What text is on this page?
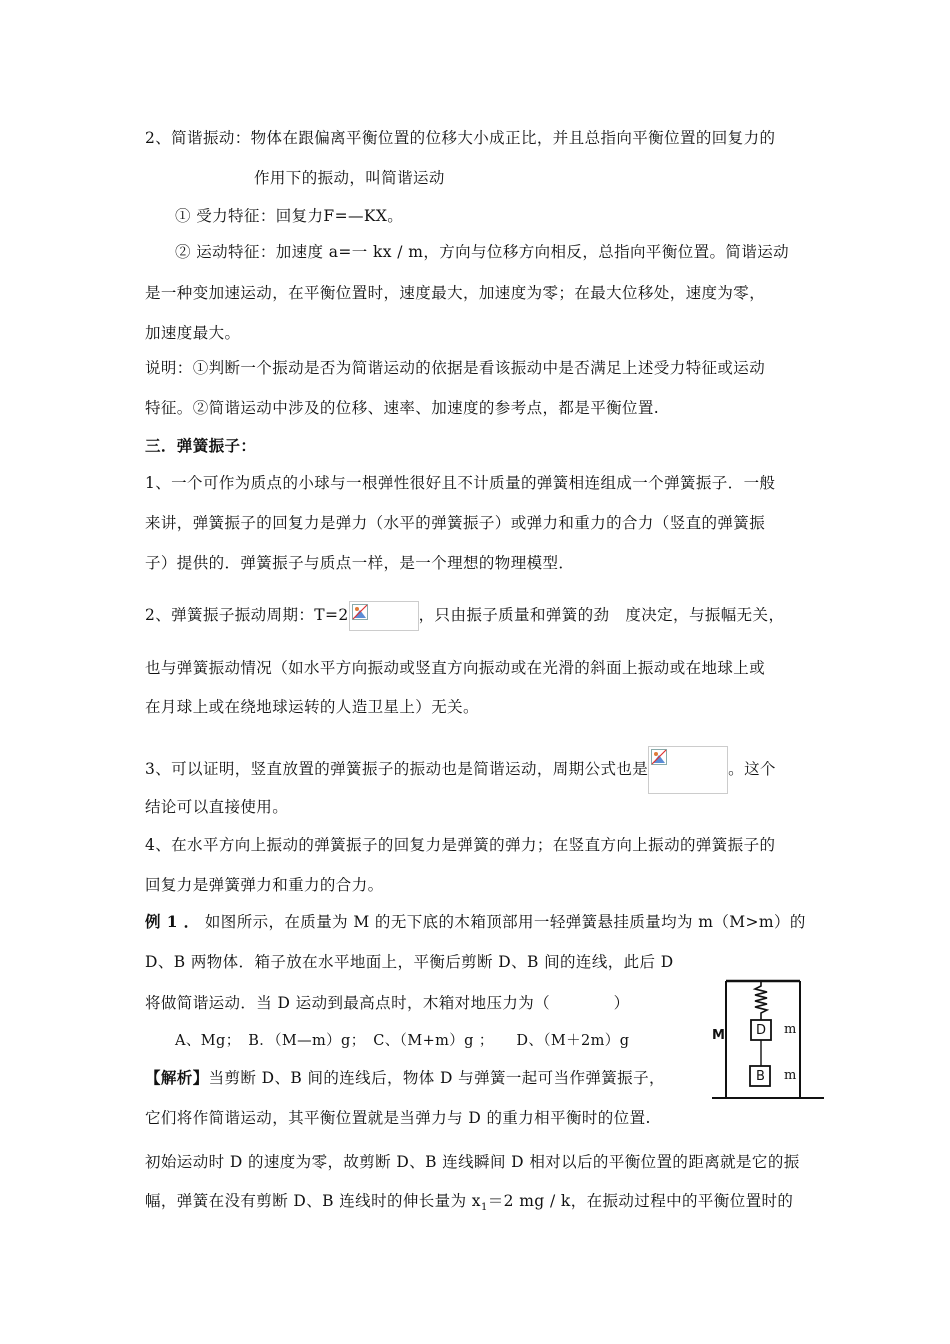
2、简谐振动：物体在跟偏离平衡位置的位移大小成正比，并且总指向平衡位置的回复力的
作用下的振动，叫简谐运动
① 受力特征：回复力F=—KX。
② 运动特征：加速度 a=一 kx / m，方向与位移方向相反，总指向平衡位置。简谐运动
是一种变加速运动，在平衡位置时，速度最大，加速度为零；在最大位移处，速度为零，
加速度最大。
说明：①判断一个振动是否为简谐运动的依据是看该振动中是否满足上述受力特征或运动
特征。②简谐运动中涉及的位移、速率、加速度的参考点，都是平衡位置.
三．弹簧振子：
1、一个可作为质点的小球与一根弹性很好且不计质量的弹簧相连组成一个弹簧振子．一般
来讲，弹簧振子的回复力是弹力（水平的弹簧振子）或弹力和重力的合力（竖直的弹簧振
子）提供的．弹簧振子与质点一样，是一个理想的物理模型．
2、弹簧振子振动周期：T=2	，只由振子质量和弹簧的劲　度决定，与振幅无关，
也与弹簧振动情况（如水平方向振动或竖直方向振动或在光滑的斜面上振动或在地球上或
在月球上或在绕地球运转的人造卫星上）无关。
3、可以证明，竖直放置的弹簧振子的振动也是简谐运动，周期公式也是	。这个
结论可以直接使用。
4、在水平方向上振动的弹簧振子的回复力是弹簧的弹力；在竖直方向上振动的弹簧振子的
回复力是弹簧弹力和重力的合力。
例 1 ． 如图所示，在质量为 M 的无下底的木箱顶部用一轻弹簧悬挂质量均为 m（M>m）的
D、B 两物体．箱子放在水平地面上，平衡后剪断 D、B 间的连线，此后 D
将做简谐运动．当 D 运动到最高点时，木箱对地压力为（　　　　）
A、Mg；　B．（M—m）g；　C、（M+m）g ；　　D、（M＋2m）g
【解析】当剪断 D、B 间的连线后，物体 D 与弹簧一起可当作弹簧振子，
它们将作简谐运动，其平衡位置就是当弹力与 D 的重力相平衡时的位置.
初始运动时 D 的速度为零，故剪断 D、B 连线瞬间 D 相对以后的平衡位置的距离就是它的振
幅，弹簧在没有剪断 D、B 连线时的伸长量为 $x_1=2$ mg / k，在振动过程中的平衡位置时的
M D
B
m
m
